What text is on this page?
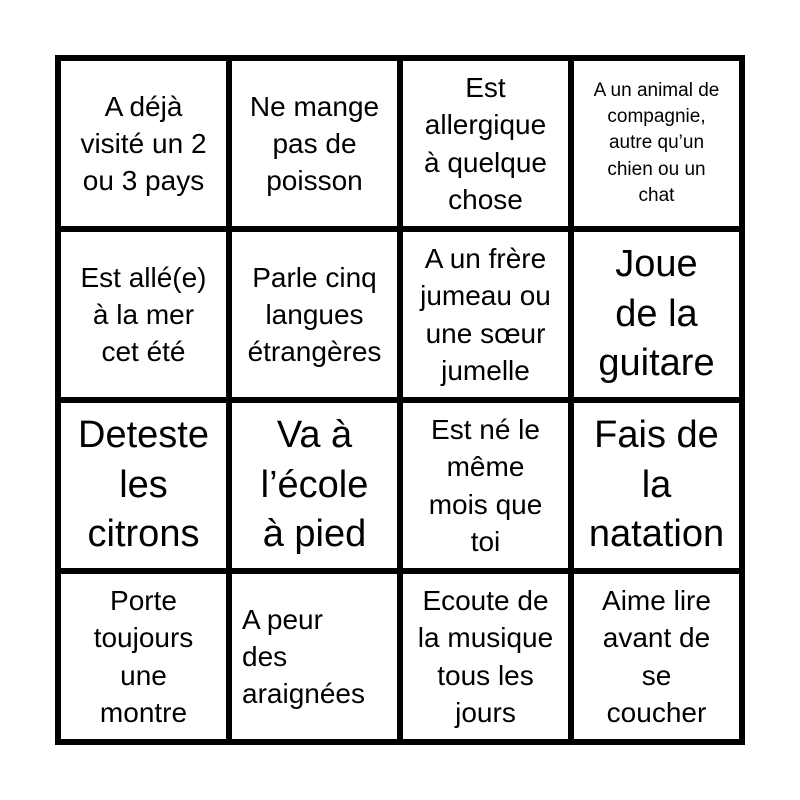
A déjà
visité un 2
ou 3 pays
Ne mange
pas de
poisson
Est
allergique
à quelque
chose
A un animal de
compagnie,
autre qu’un
chien ou un
chat
Est allé(e)
à la mer
cet été
Parle cinq
langues
étrangères
A un frère
jumeau ou
une sœur
jumelle
Joue
de la
guitare
Deteste
les
citrons
Va à
l’école
à pied
Est né le
même
mois que
toi
Fais de
la
natation
Porte
toujours
une
montre
A peur
des
araignées
Ecoute de
la musique
tous les
jours
Aime lire
avant de
se
coucher
